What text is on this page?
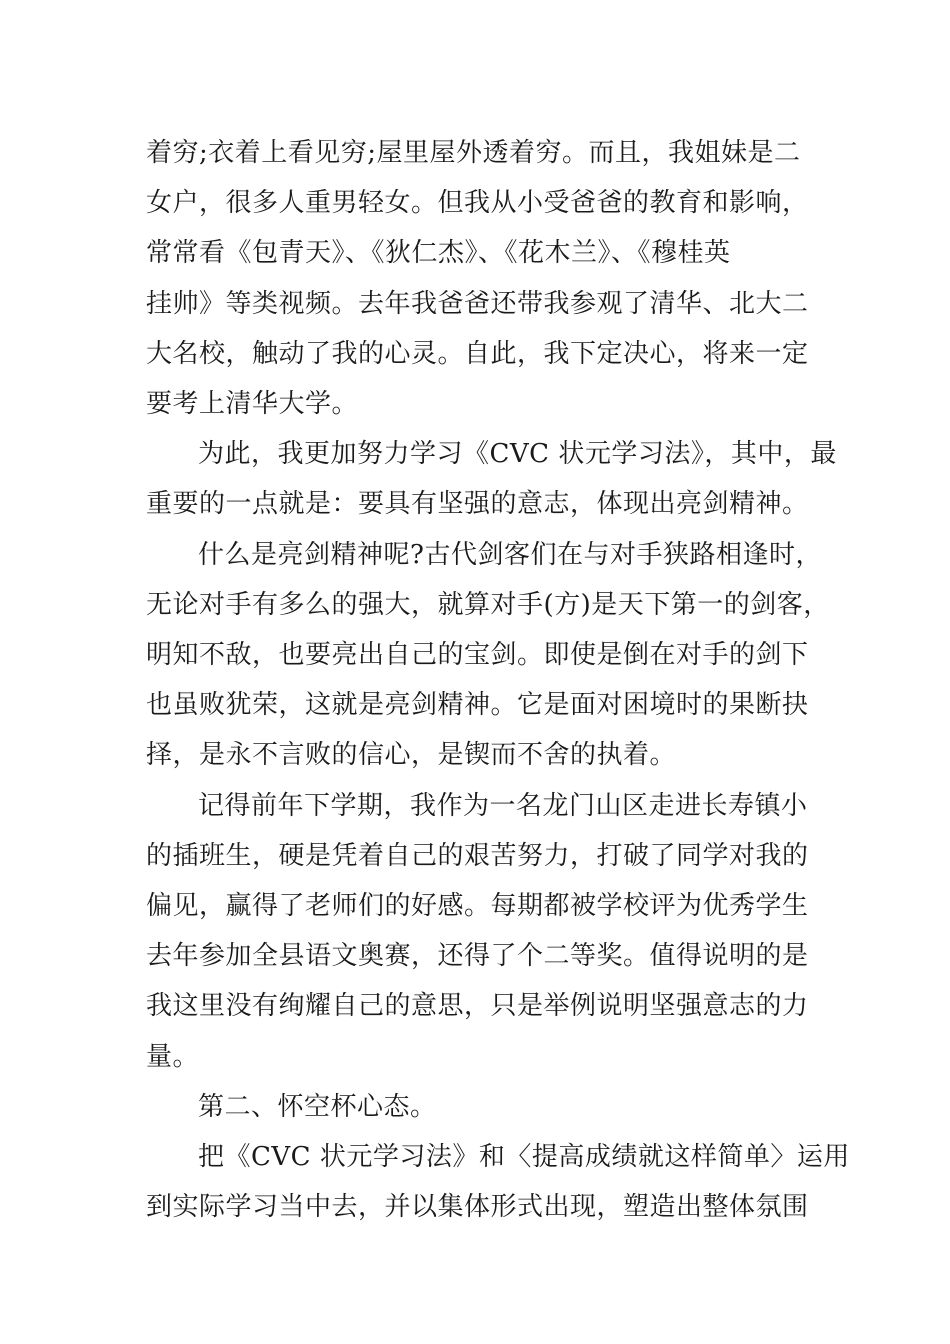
着穷;衣着上看见穷;屋里屋外透着穷。而且，我姐妹是二
女户，很多人重男轻女。但我从小受爸爸的教育和影响，
常常看《包青天》、《狄仁杰》、《花木兰》、《穆桂英
挂帅》等类视频。去年我爸爸还带我参观了清华、北大二
大名校，触动了我的心灵。自此，我下定决心，将来一定
要考上清华大学。

为此，我更加努力学习《CVC 状元学习法》，其中，最
重要的一点就是：要具有坚强的意志，体现出亮剑精神。

什么是亮剑精神呢?古代剑客们在与对手狭路相逢时，
无论对手有多么的强大，就算对手(方)是天下第一的剑客，
明知不敌，也要亮出自己的宝剑。即使是倒在对手的剑下
也虽败犹荣，这就是亮剑精神。它是面对困境时的果断抉
择，是永不言败的信心，是锲而不舍的执着。

记得前年下学期，我作为一名龙门山区走进长寿镇小
的插班生，硬是凭着自己的艰苦努力，打破了同学对我的
偏见，赢得了老师们的好感。每期都被学校评为优秀学生
去年参加全县语文奥赛，还得了个二等奖。值得说明的是
我这里没有绚耀自己的意思，只是举例说明坚强意志的力
量。

第二、怀空杯心态。

把《CVC 状元学习法》和〈提高成绩就这样简单〉运用
到实际学习当中去，并以集体形式出现，塑造出整体氛围
